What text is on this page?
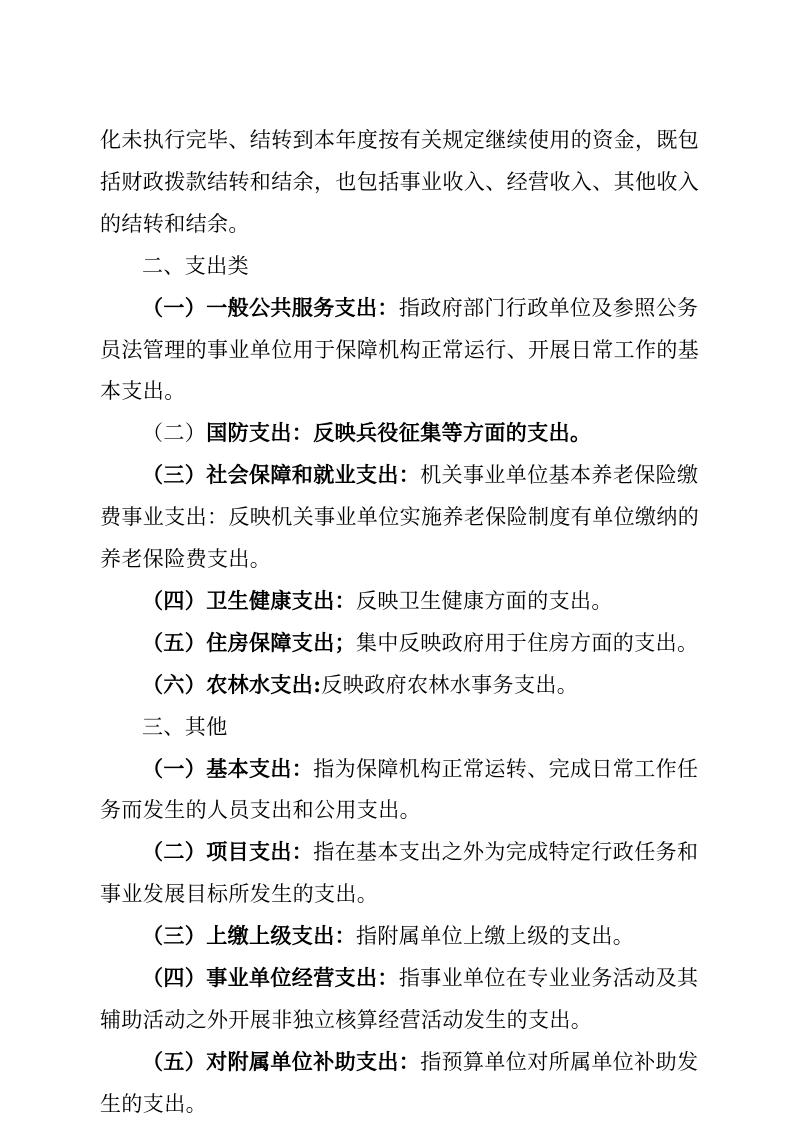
化未执行完毕、结转到本年度按有关规定继续使用的资金，既包
括财政拨款结转和结余，也包括事业收入、经营收入、其他收入
的结转和结余。
二、支出类
（一）一般公共服务支出：指政府部门行政单位及参照公务
员法管理的事业单位用于保障机构正常运行、开展日常工作的基
本支出。
（二）国防支出：反映兵役征集等方面的支出。
（三）社会保障和就业支出：机关事业单位基本养老保险缴
费事业支出：反映机关事业单位实施养老保险制度有单位缴纳的
养老保险费支出。
（四）卫生健康支出：反映卫生健康方面的支出。
（五）住房保障支出；集中反映政府用于住房方面的支出。
（六）农林水支出:反映政府农林水事务支出。
三、其他
（一）基本支出：指为保障机构正常运转、完成日常工作任
务而发生的人员支出和公用支出。
（二）项目支出：指在基本支出之外为完成特定行政任务和
事业发展目标所发生的支出。
（三）上缴上级支出：指附属单位上缴上级的支出。
（四）事业单位经营支出：指事业单位在专业业务活动及其
辅助活动之外开展非独立核算经营活动发生的支出。
（五）对附属单位补助支出：指预算单位对所属单位补助发
生的支出。
